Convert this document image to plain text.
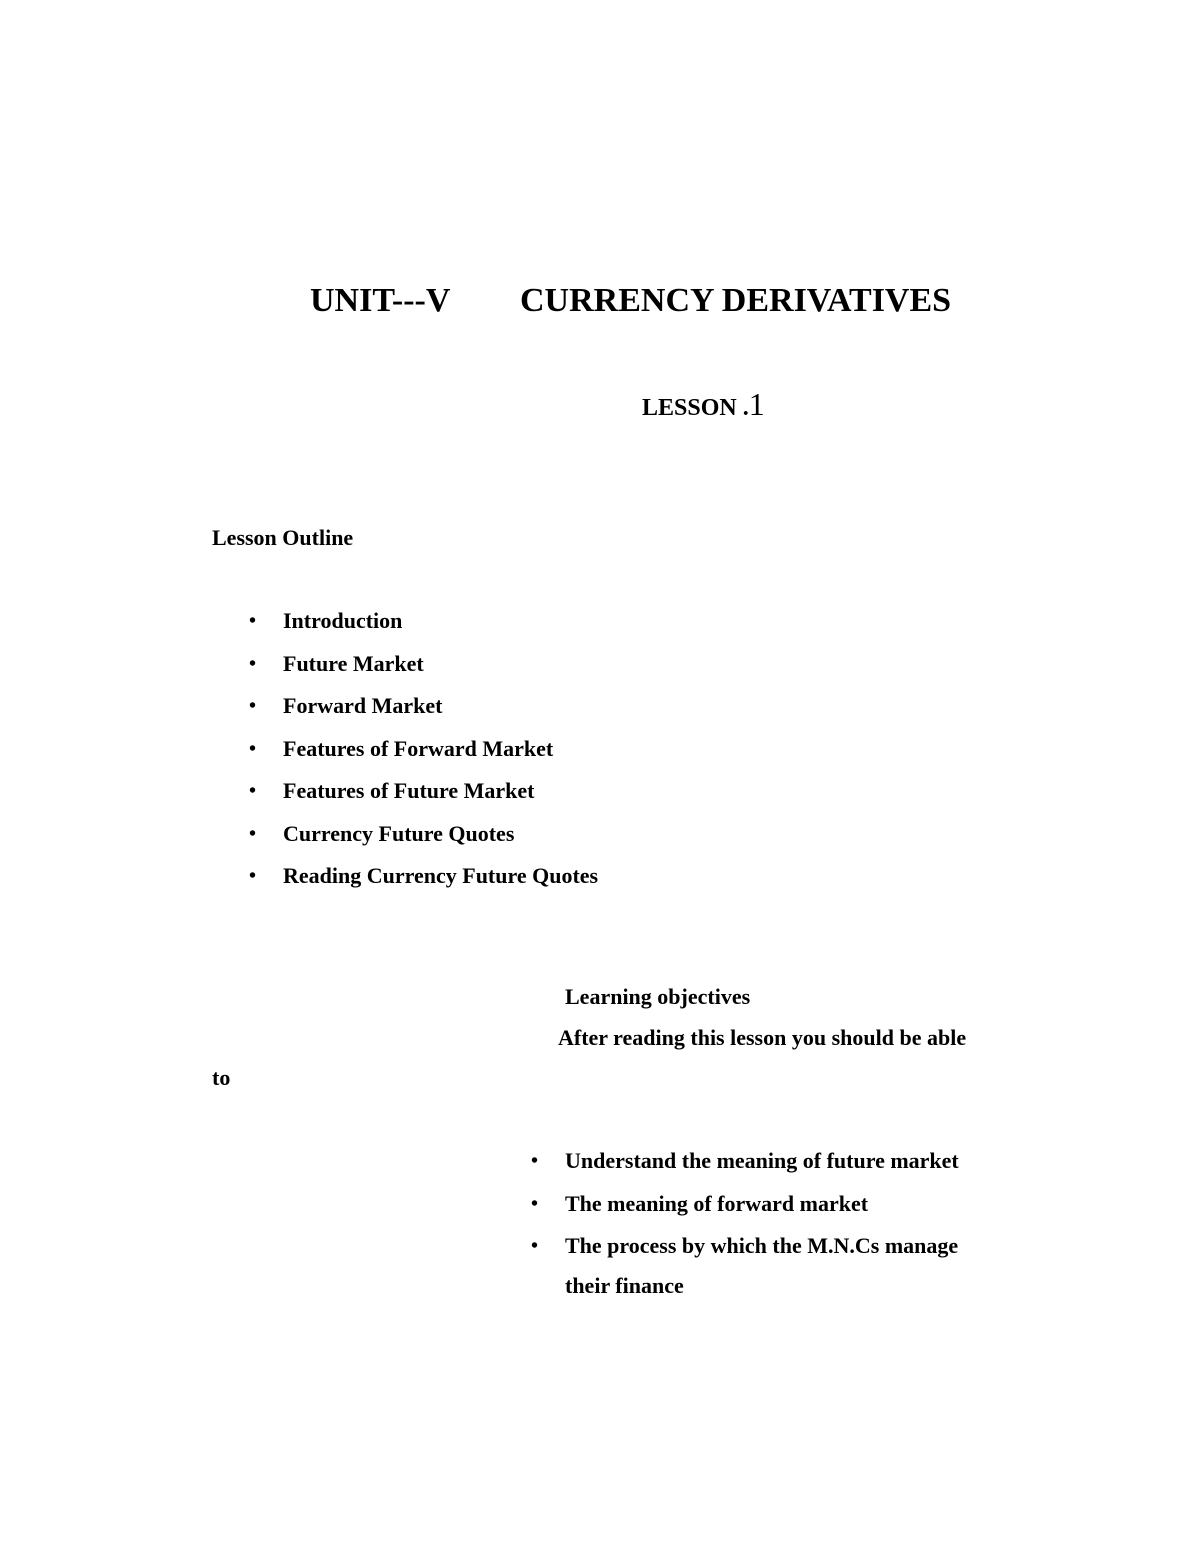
UNIT---V CURRENCY DERIVATIVES
LESSON .1
Lesson Outline
• Introduction
• Future Market
• Forward Market
• Features of Forward Market
• Features of Future Market
• Currency Future Quotes
• Reading Currency Future Quotes
Learning objectives
After reading this lesson you should be able
to
• Understand the meaning of future market
• The meaning of forward market
• The process by which the M.N.Cs manage
their finance
